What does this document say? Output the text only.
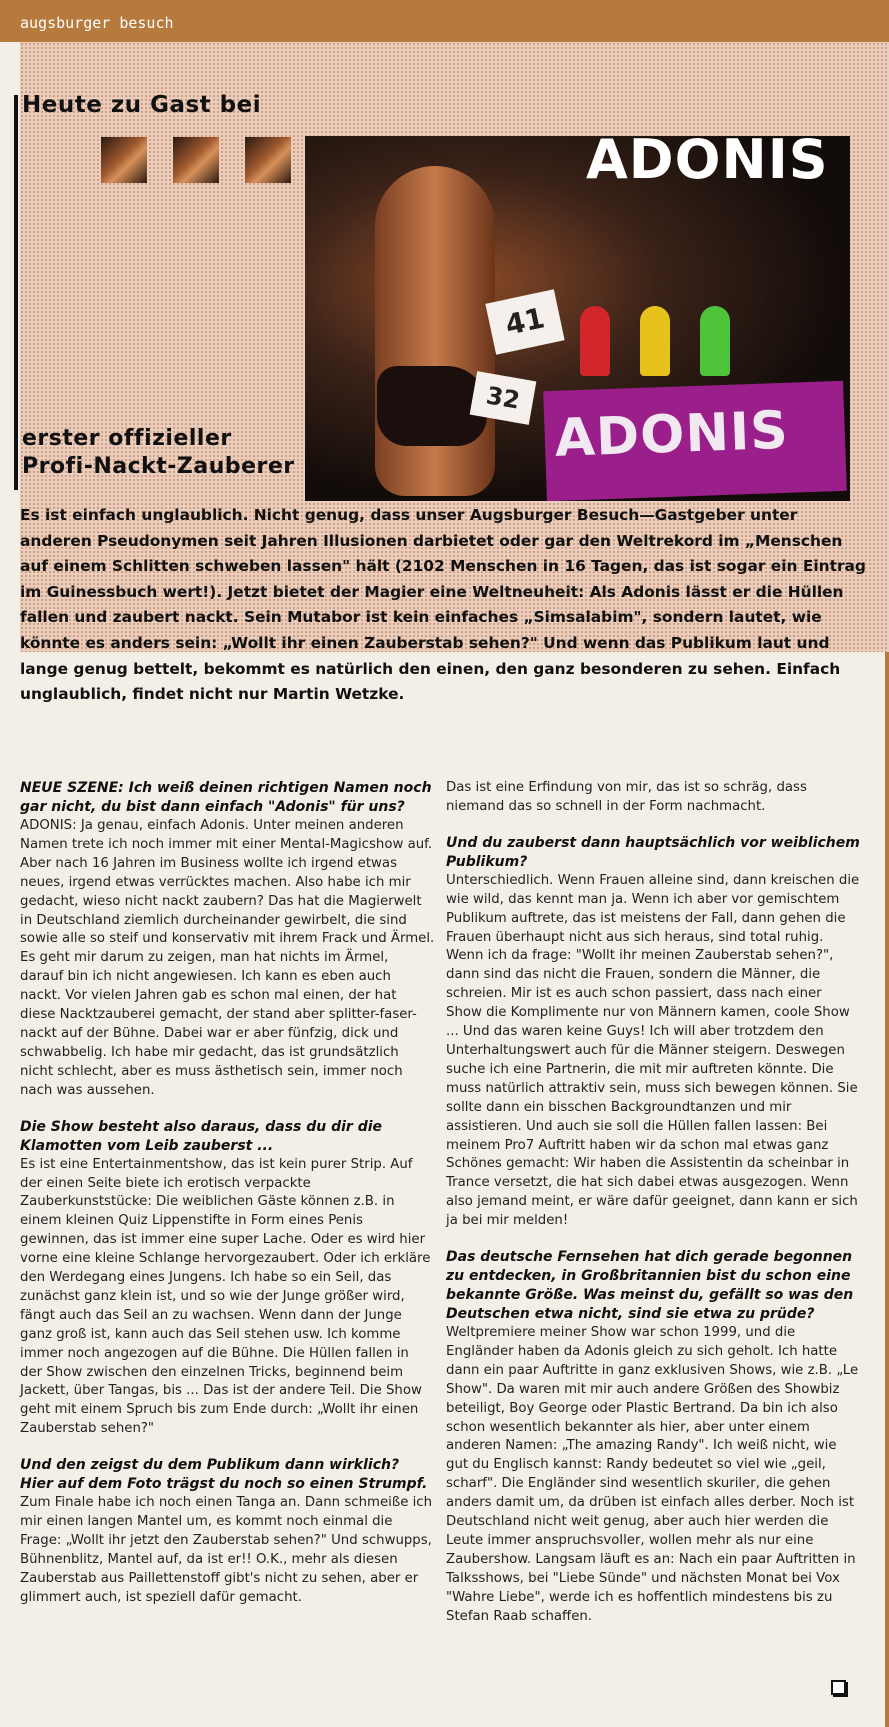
augsburger besuch
Heute zu Gast bei
41
32
ADONIS
ADONIS
erster offizieller
Profi-Nackt-Zauberer

Es ist einfach unglaublich. Nicht genug, dass unser Augsburger Besuch—Gastgeber unter anderen Pseudonymen seit Jahren Illusionen darbietet oder gar den Weltrekord im „Menschen auf einem Schlitten schweben lassen" hält (2102 Menschen in 16 Tagen, das ist sogar ein Eintrag im Guinessbuch wert!). Jetzt bietet der Magier eine Weltneuheit: Als Adonis lässt er die Hüllen fallen und zaubert nackt. Sein Mutabor ist kein einfaches „Simsalabim", sondern lautet, wie könnte es anders sein: „Wollt ihr einen Zauberstab sehen?" Und wenn das Publikum laut und lange genug bettelt, bekommt es natürlich den einen, den ganz besonderen zu sehen. Einfach unglaublich, findet nicht nur Martin Wetzke.

NEUE SZENE: Ich weiß deinen richtigen Namen noch gar nicht, du bist dann einfach "Adonis" für uns?

ADONIS: Ja genau, einfach Adonis. Unter meinen anderen Namen trete ich noch immer mit einer Mental-Magicshow auf. Aber nach 16 Jahren im Business wollte ich irgend etwas neues, irgend etwas verrücktes machen. Also habe ich mir gedacht, wieso nicht nackt zaubern? Das hat die Magierwelt in Deutschland ziemlich durcheinander gewirbelt, die sind sowie alle so steif und konservativ mit ihrem Frack und Ärmel. Es geht mir darum zu zeigen, man hat nichts im Ärmel, darauf bin ich nicht angewiesen. Ich kann es eben auch nackt. Vor vielen Jahren gab es schon mal einen, der hat diese Nacktzauberei gemacht, der stand aber splitter-faser-nackt auf der Bühne. Dabei war er aber fünfzig, dick und schwabbelig. Ich habe mir gedacht, das ist grundsätzlich nicht schlecht, aber es muss ästhetisch sein, immer noch nach was aussehen.

Die Show besteht also daraus, dass du dir die Klamotten vom Leib zauberst ...

Es ist eine Entertainmentshow, das ist kein purer Strip. Auf der einen Seite biete ich erotisch verpackte Zauberkunststücke: Die weiblichen Gäste können z.B. in einem kleinen Quiz Lippenstifte in Form eines Penis gewinnen, das ist immer eine super Lache. Oder es wird hier vorne eine kleine Schlange hervorgezaubert. Oder ich erkläre den Werdegang eines Jungens. Ich habe so ein Seil, das zunächst ganz klein ist, und so wie der Junge größer wird, fängt auch das Seil an zu wachsen. Wenn dann der Junge ganz groß ist, kann auch das Seil stehen usw. Ich komme immer noch angezogen auf die Bühne. Die Hüllen fallen in der Show zwischen den einzelnen Tricks, beginnend beim Jackett, über Tangas, bis ... Das ist der andere Teil. Die Show geht mit einem Spruch bis zum Ende durch: „Wollt ihr einen Zauberstab sehen?"

Und den zeigst du dem Publikum dann wirklich? Hier auf dem Foto trägst du noch so einen Strumpf.

Zum Finale habe ich noch einen Tanga an. Dann schmeiße ich mir einen langen Mantel um, es kommt noch einmal die Frage: „Wollt ihr jetzt den Zauberstab sehen?" Und schwupps, Bühnenblitz, Mantel auf, da ist er!! O.K., mehr als diesen Zauberstab aus Paillettenstoff gibt's nicht zu sehen, aber er glimmert auch, ist speziell dafür gemacht.

Das ist eine Erfindung von mir, das ist so schräg, dass niemand das so schnell in der Form nachmacht.

Und du zauberst dann hauptsächlich vor weiblichem Publikum?

Unterschiedlich. Wenn Frauen alleine sind, dann kreischen die wie wild, das kennt man ja. Wenn ich aber vor gemischtem Publikum auftrete, das ist meistens der Fall, dann gehen die Frauen überhaupt nicht aus sich heraus, sind total ruhig. Wenn ich da frage: "Wollt ihr meinen Zauberstab sehen?", dann sind das nicht die Frauen, sondern die Männer, die schreien. Mir ist es auch schon passiert, dass nach einer Show die Komplimente nur von Männern kamen, coole Show ... Und das waren keine Guys! Ich will aber trotzdem den Unterhaltungswert auch für die Männer steigern. Deswegen suche ich eine Partnerin, die mit mir auftreten könnte. Die muss natürlich attraktiv sein, muss sich bewegen können. Sie sollte dann ein bisschen Backgroundtanzen und mir assistieren. Und auch sie soll die Hüllen fallen lassen: Bei meinem Pro7 Auftritt haben wir da schon mal etwas ganz Schönes gemacht: Wir haben die Assistentin da scheinbar in Trance versetzt, die hat sich dabei etwas ausgezogen. Wenn also jemand meint, er wäre dafür geeignet, dann kann er sich ja bei mir melden!

Das deutsche Fernsehen hat dich gerade begonnen zu entdecken, in Großbritannien bist du schon eine bekannte Größe. Was meinst du, gefällt so was den Deutschen etwa nicht, sind sie etwa zu prüde?

Weltpremiere meiner Show war schon 1999, und die Engländer haben da Adonis gleich zu sich geholt. Ich hatte dann ein paar Auftritte in ganz exklusiven Shows, wie z.B. „Le Show". Da waren mit mir auch andere Größen des Showbiz beteiligt, Boy George oder Plastic Bertrand. Da bin ich also schon wesentlich bekannter als hier, aber unter einem anderen Namen: „The amazing Randy". Ich weiß nicht, wie gut du Englisch kannst: Randy bedeutet so viel wie „geil, scharf". Die Engländer sind wesentlich skuriler, die gehen anders damit um, da drüben ist einfach alles derber. Noch ist Deutschland nicht weit genug, aber auch hier werden die Leute immer anspruchsvoller, wollen mehr als nur eine Zaubershow. Langsam läuft es an: Nach ein paar Auftritten in Talksshows, bei "Liebe Sünde" und nächsten Monat bei Vox "Wahre Liebe", werde ich es hoffentlich mindestens bis zu Stefan Raab schaffen.
